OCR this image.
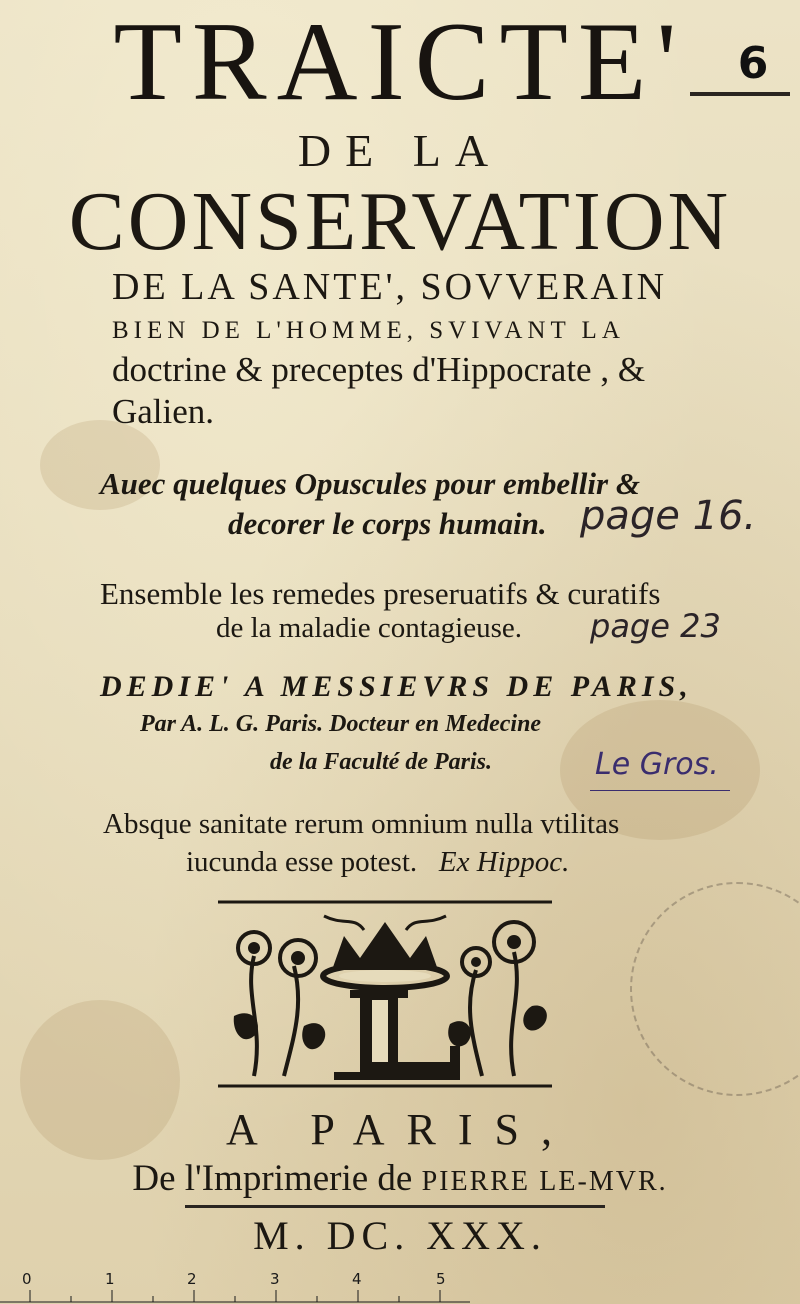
TRAICTE'	6
DE LA
CONSERVATION
DE LA SANTE', SOVVERAIN
BIEN DE L'HOMME, SVIVANT LA
doctrine & preceptes d'Hippocrate , &
Galien.
Auec quelques Opuscules pour embellir &
decorer le corps humain.
Ensemble les remedes preseruatifs & curatifs
de la maladie contagieuse.
DEDIE' A MESSIEVRS DE PARIS,
Par A. L. G. Paris. Docteur en Medecine
de la Faculté de Paris.
Absque sanitate rerum omnium nulla vtilitas
iucunda esse potest. Ex Hippoc.
page 16.
page 23
Le Gros.
A PARIS,
De l'Imprimerie de PIERRE LE-MVR.
M. DC. XXX.
0	1	2	3	4	5
